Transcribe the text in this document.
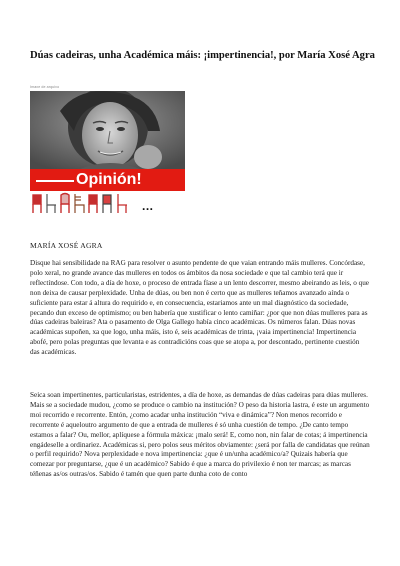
Dúas cadeiras, unha Académica máis: ¡impertinencia!, por María Xosé Agra
Imaxe de arquivo
Opinión!
...
MARÍA XOSÉ AGRA

Disque hai sensibilidade na RAG para resolver o asunto pendente de que vaian entrando máis mulleres. Concórdase, polo xeral, no grande avance das mulleres en todos os ámbitos da nosa sociedade e que tal cambio terá que ir reflectíndose. Con todo, a día de hoxe, o proceso de entrada fíase a un lento descorrer, mesmo abeirando as leis, o que non deixa de causar perplexidade. Unha de dúas, ou ben non é certo que as mulleres teñamos avanzado aínda o suficiente para estar á altura do requirido e, en consecuencia, estariamos ante un mal diagnóstico da sociedade, pecando dun exceso de optimismo; ou ben habería que xustificar o lento camiñar: ¿por que non dúas mulleres para as dúas cadeiras baleiras? Ata o pasamento de Olga Gallego había cinco académicas. Os números falan. Dúas novas académicas supoñen, xa que logo, unha máis, isto é, seis académicas de trinta, ¡vaia impertinencia! Impertinencia abofé, pero polas preguntas que levanta e as contradicións coas que se atopa a, por descontado, pertinente cuestión das académicas.

Seica soan impertinentes, particularistas, estridentes, a día de hoxe, as demandas de dúas cadeiras para dúas mulleres. Mais se a sociedade mudou, ¿como se produce o cambio na institución? O peso da historia lastra, é este un argumento moi recorrido e recorrente. Entón, ¿como acadar unha institución “viva e dinámica”? Non menos recorrido e recorrente é aqueloutro argumento de que a entrada de mulleres é só unha cuestión de tempo. ¿De canto tempo estamos a falar? Ou, mellor, aplíquese a fórmula máxica: ¡malo será! E, como non, nin falar de cotas; á impertinencia engádeselle a ordinariez. Académicas si, pero polos seus méritos obviamente: ¿será por falla de candidatas que reúnan o perfil requirido? Nova perplexidade e nova impertinencia: ¿que é un/unha académico/a? Quizais habería que comezar por preguntarse, ¿que é un académico? Sabido é que a marca do privilexio é non ter marcas; as marcas téñenas as/os outras/os. Sabido é tamén que quen parte dunha coto de conto
